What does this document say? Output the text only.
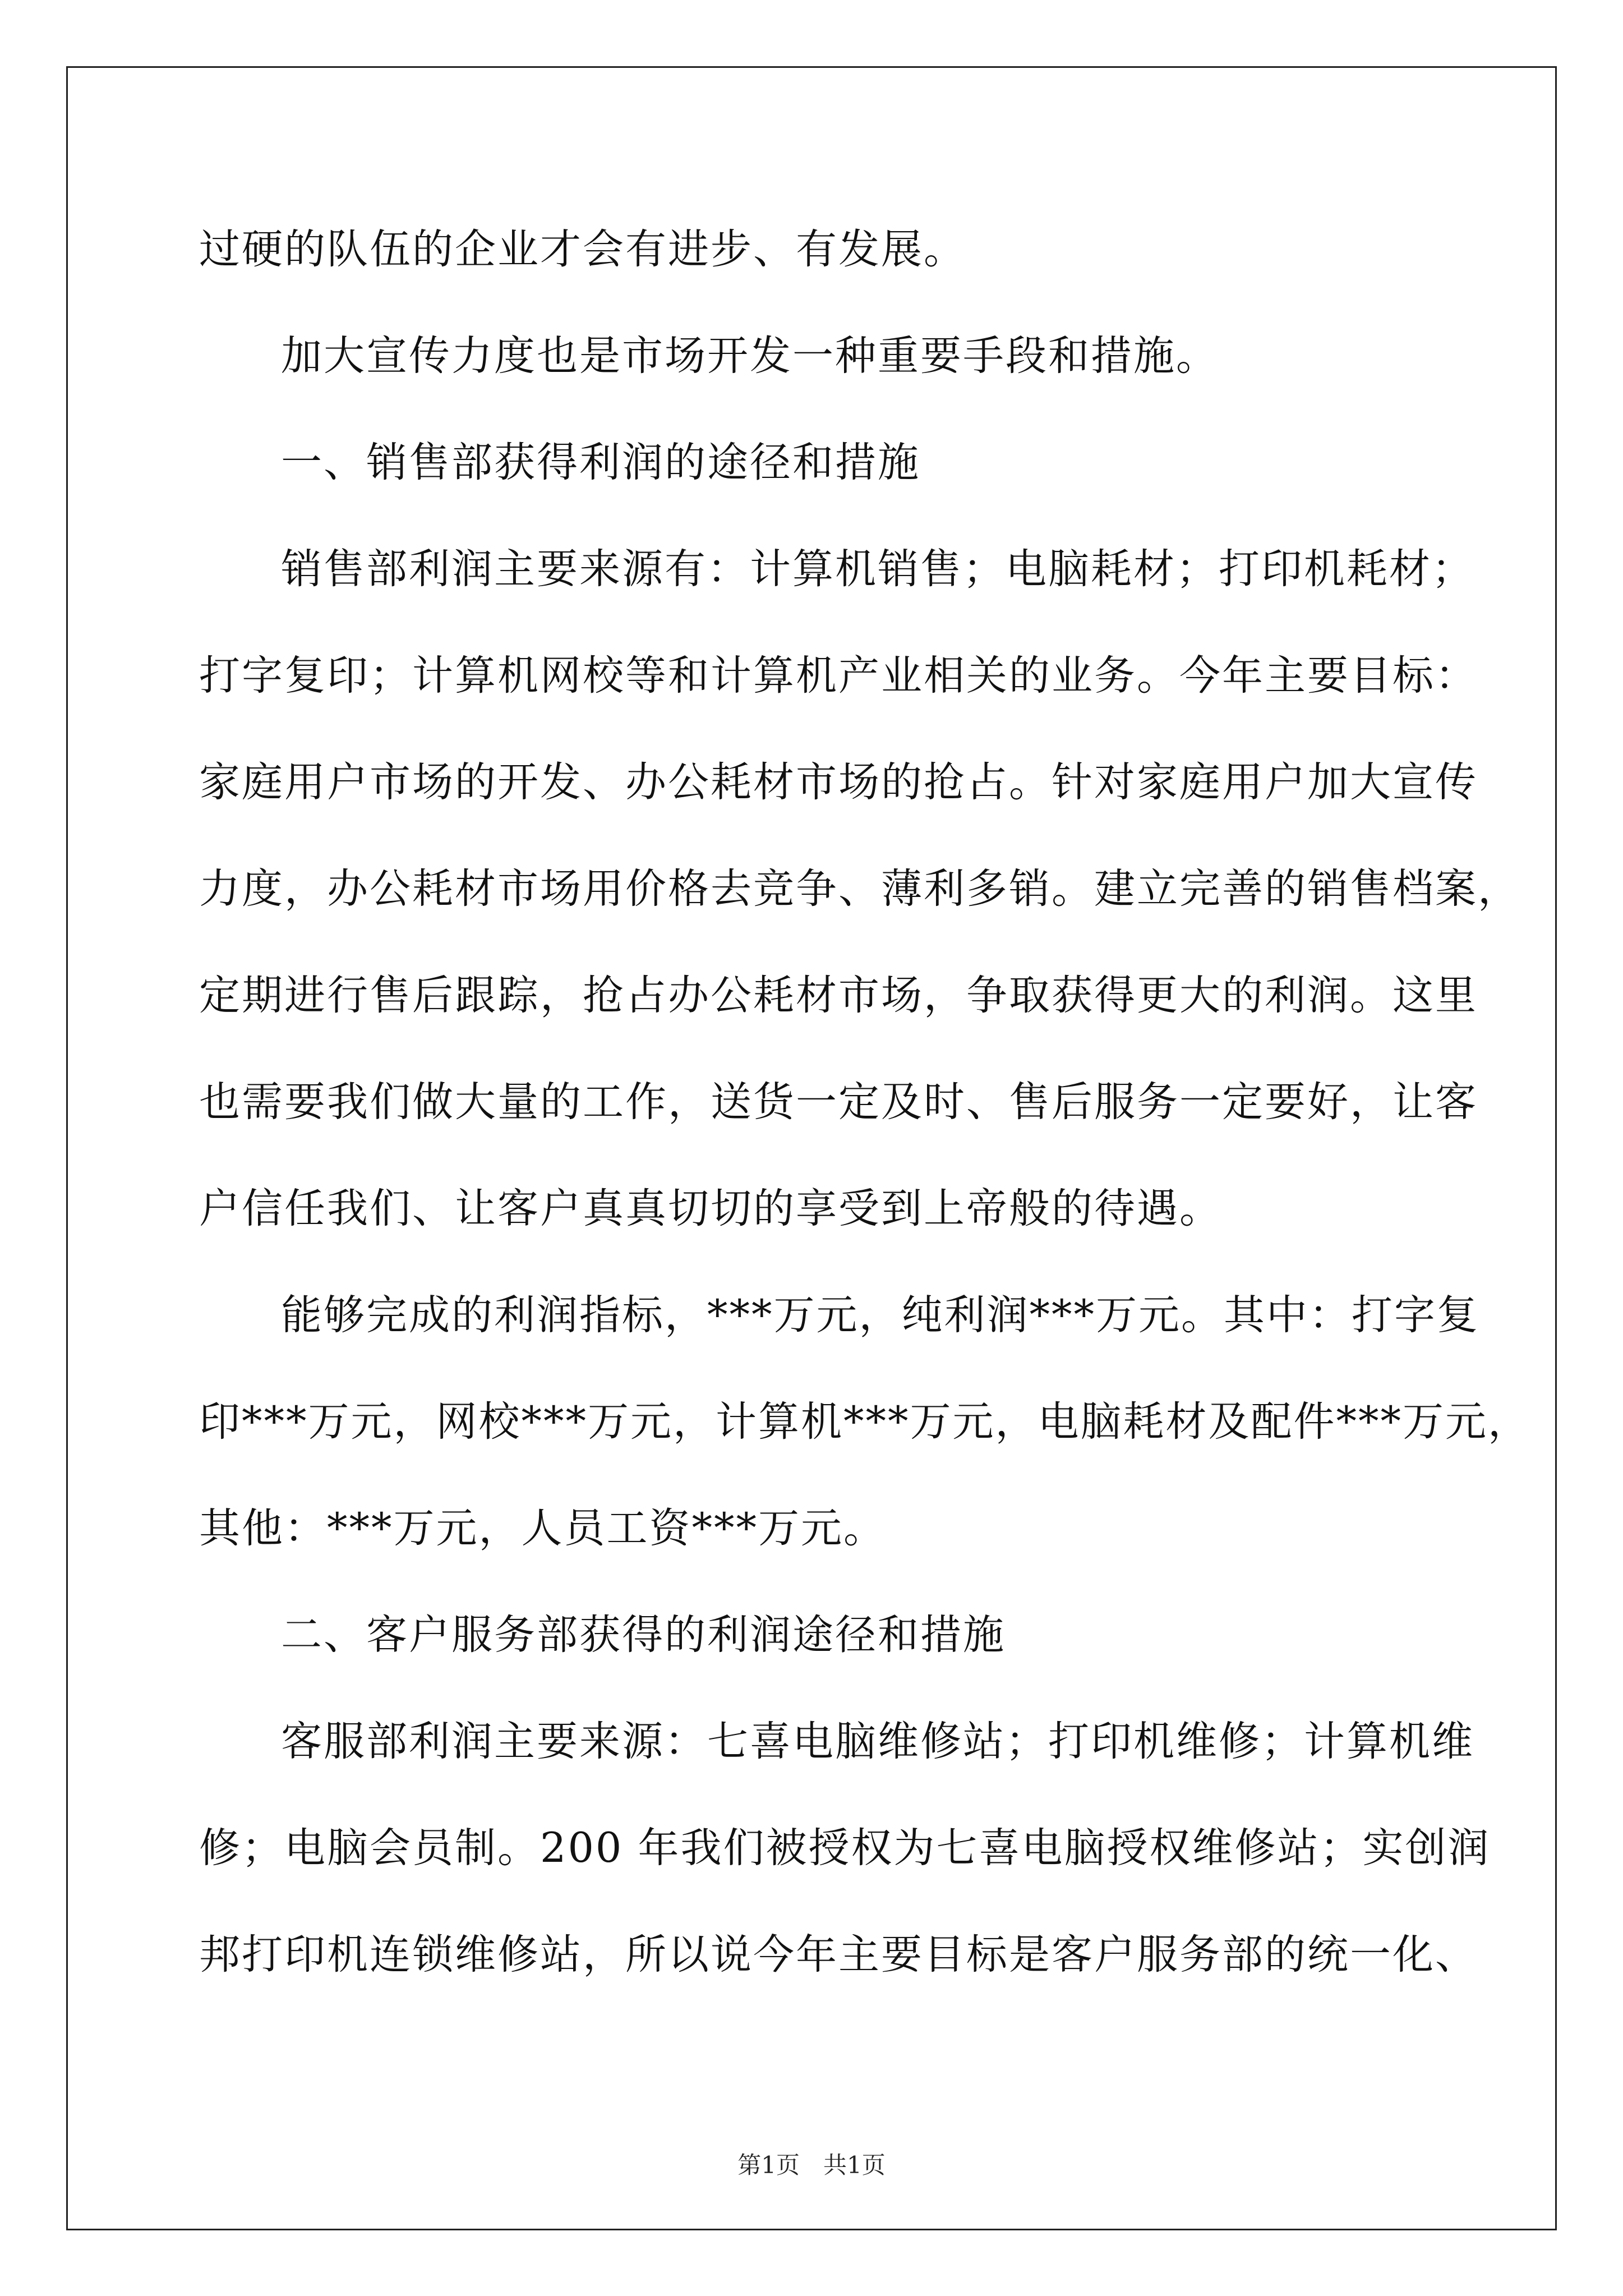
过硬的队伍的企业才会有进步、有发展。
加大宣传力度也是市场开发一种重要手段和措施。
一、销售部获得利润的途径和措施
销售部利润主要来源有：计算机销售；电脑耗材；打印机耗材；
打字复印；计算机网校等和计算机产业相关的业务。今年主要目标：
家庭用户市场的开发、办公耗材市场的抢占。针对家庭用户加大宣传
力度，办公耗材市场用价格去竞争、薄利多销。建立完善的销售档案，
定期进行售后跟踪，抢占办公耗材市场，争取获得更大的利润。这里
也需要我们做大量的工作，送货一定及时、售后服务一定要好，让客
户信任我们、让客户真真切切的享受到上帝般的待遇。
能够完成的利润指标，***万元，纯利润***万元。其中：打字复
印***万元，网校***万元，计算机***万元，电脑耗材及配件***万元，
其他：***万元，人员工资***万元。
二、客户服务部获得的利润途径和措施
客服部利润主要来源：七喜电脑维修站；打印机维修；计算机维
修；电脑会员制。200 年我们被授权为七喜电脑授权维修站；实创润
邦打印机连锁维修站，所以说今年主要目标是客户服务部的统一化、
第1页　共1页
